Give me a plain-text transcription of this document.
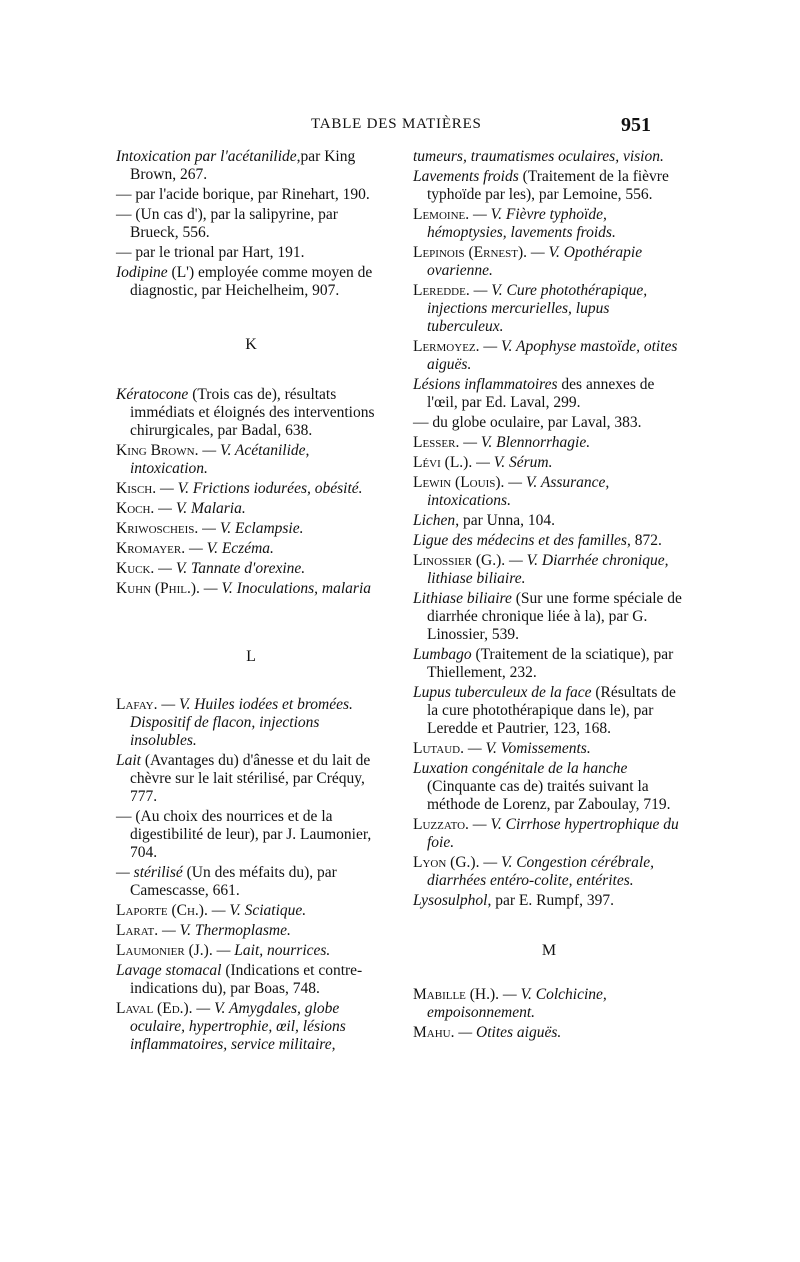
TABLE DES MATIÈRES	951

Intoxication par l'acétanilide,par King Brown, 267.

— par l'acide borique, par Rinehart, 190.

— (Un cas d'), par la salipyrine, par Brueck, 556.

— par le trional par Hart, 191.

Iodipine (L') employée comme moyen de diagnostic, par Heichelheim, 907.

K

Kératocone (Trois cas de), résultats immédiats et éloignés des interventions chirurgicales, par Badal, 638.

King Brown. — V. Acétanilide, intoxication.

Kisch. — V. Frictions iodurées, obésité.

Koch. — V. Malaria.

Kriwoscheis. — V. Eclampsie.

Kromayer. — V. Eczéma.

Kuck. — V. Tannate d'orexine.

Kuhn (Phil.). — V. Inoculations, malaria

L

Lafay. — V. Huiles iodées et bromées. Dispositif de flacon, injections insolubles.

Lait (Avantages du) d'ânesse et du lait de chèvre sur le lait stérilisé, par Créquy, 777.

— (Au choix des nourrices et de la digestibilité de leur), par J. Laumonier, 704.

— stérilisé (Un des méfaits du), par Camescasse, 661.

Laporte (Ch.). — V. Sciatique.

Larat. — V. Thermoplasme.

Laumonier (J.). — Lait, nourrices.

Lavage stomacal (Indications et contre-indications du), par Boas, 748.

Laval (Ed.). — V. Amygdales, globe oculaire, hypertrophie, œil, lésions inflammatoires, service militaire,

tumeurs, traumatismes oculaires, vision.

Lavements froids (Traitement de la fièvre typhoïde par les), par Lemoine, 556.

Lemoine. — V. Fièvre typhoïde, hémoptysies, lavements froids.

Lepinois (Ernest). — V. Opothérapie ovarienne.

Leredde. — V. Cure photothérapique, injections mercurielles, lupus tuberculeux.

Lermoyez. — V. Apophyse mastoïde, otites aiguës.

Lésions inflammatoires des annexes de l'œil, par Ed. Laval, 299.

— du globe oculaire, par Laval, 383.

Lesser. — V. Blennorrhagie.

Lévi (L.). — V. Sérum.

Lewin (Louis). — V. Assurance, intoxications.

Lichen, par Unna, 104.

Ligue des médecins et des familles, 872.

Linossier (G.). — V. Diarrhée chronique, lithiase biliaire.

Lithiase biliaire (Sur une forme spéciale de diarrhée chronique liée à la), par G. Linossier, 539.

Lumbago (Traitement de la sciatique), par Thiellement, 232.

Lupus tuberculeux de la face (Résultats de la cure photothérapique dans le), par Leredde et Pautrier, 123, 168.

Lutaud. — V. Vomissements.

Luxation congénitale de la hanche (Cinquante cas de) traités suivant la méthode de Lorenz, par Zaboulay, 719.

Luzzato. — V. Cirrhose hypertrophique du foie.

Lyon (G.). — V. Congestion cérébrale, diarrhées entéro-colite, entérites.

Lysosulphol, par E. Rumpf, 397.

M

Mabille (H.). — V. Colchicine, empoisonnement.

Mahu. — Otites aiguës.
